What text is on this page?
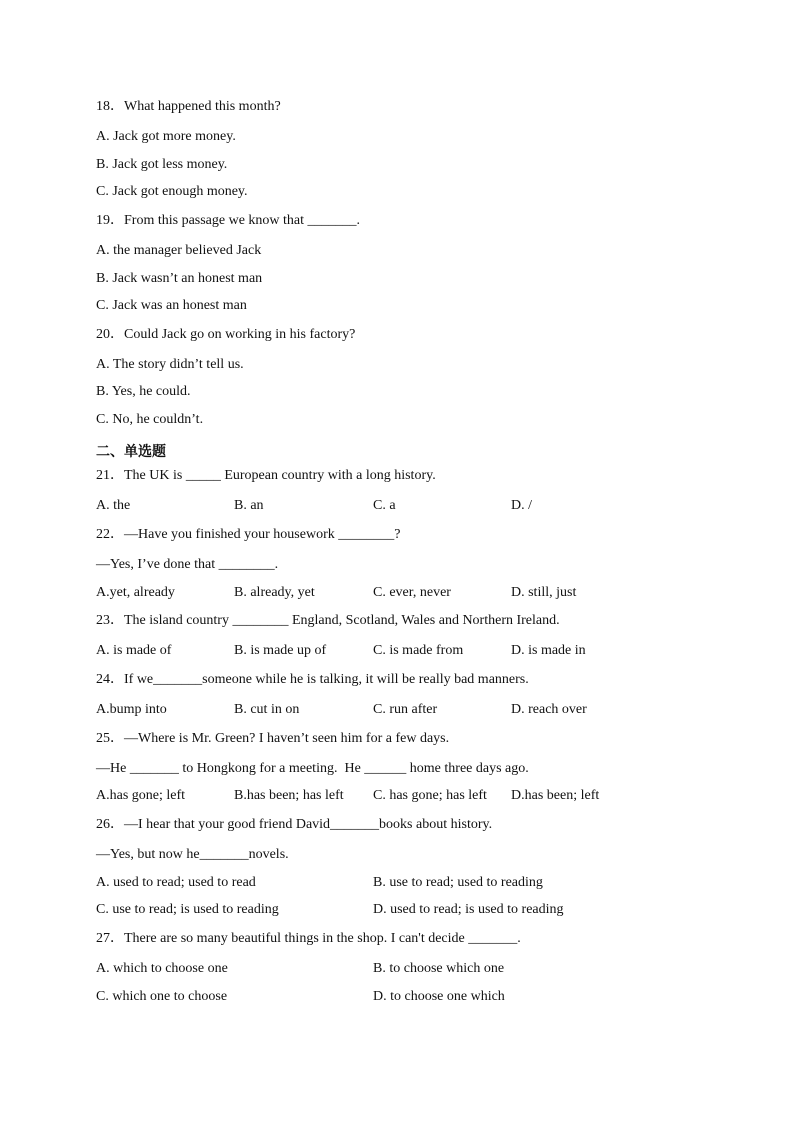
18．What happened this month?
A. Jack got more money.
B. Jack got less money.
C. Jack got enough money.
19．From this passage we know that _______.
A. the manager believed Jack
B. Jack wasn’t an honest man
C. Jack was an honest man
20．Could Jack go on working in his factory?
A. The story didn’t tell us.
B. Yes, he could.
C. No, he couldn’t.
二、单选题
21．The UK is _____ European country with a long history.
A. the	B. an	C. a	D. /
22．—Have you finished your housework ________?
—Yes, I’ve done that ________.
A.yet, already	B. already, yet	C. ever, never	D. still, just
23．The island country ________ England, Scotland, Wales and Northern Ireland.
A. is made of	B. is made up of	C. is made from	D. is made in
24．If we_______someone while he is talking, it will be really bad manners.
A.bump into	B. cut in on	C. run after	D. reach over
25．—Where is Mr. Green? I haven’t seen him for a few days.
—He _______ to Hongkong for a meeting.  He ______ home three days ago.
A.has gone; left	B.has been; has left C. has gone; has left D.has been; left
26．—I hear that your good friend David_______books about history.
—Yes, but now he_______novels.
A. used to read; used to read	B. use to read; used to reading
C. use to read; is used to reading	D. used to read; is used to reading
27．There are so many beautiful things in the shop. I can't decide _______.
A. which to choose one	B. to choose which one
C. which one to choose	D. to choose one which
